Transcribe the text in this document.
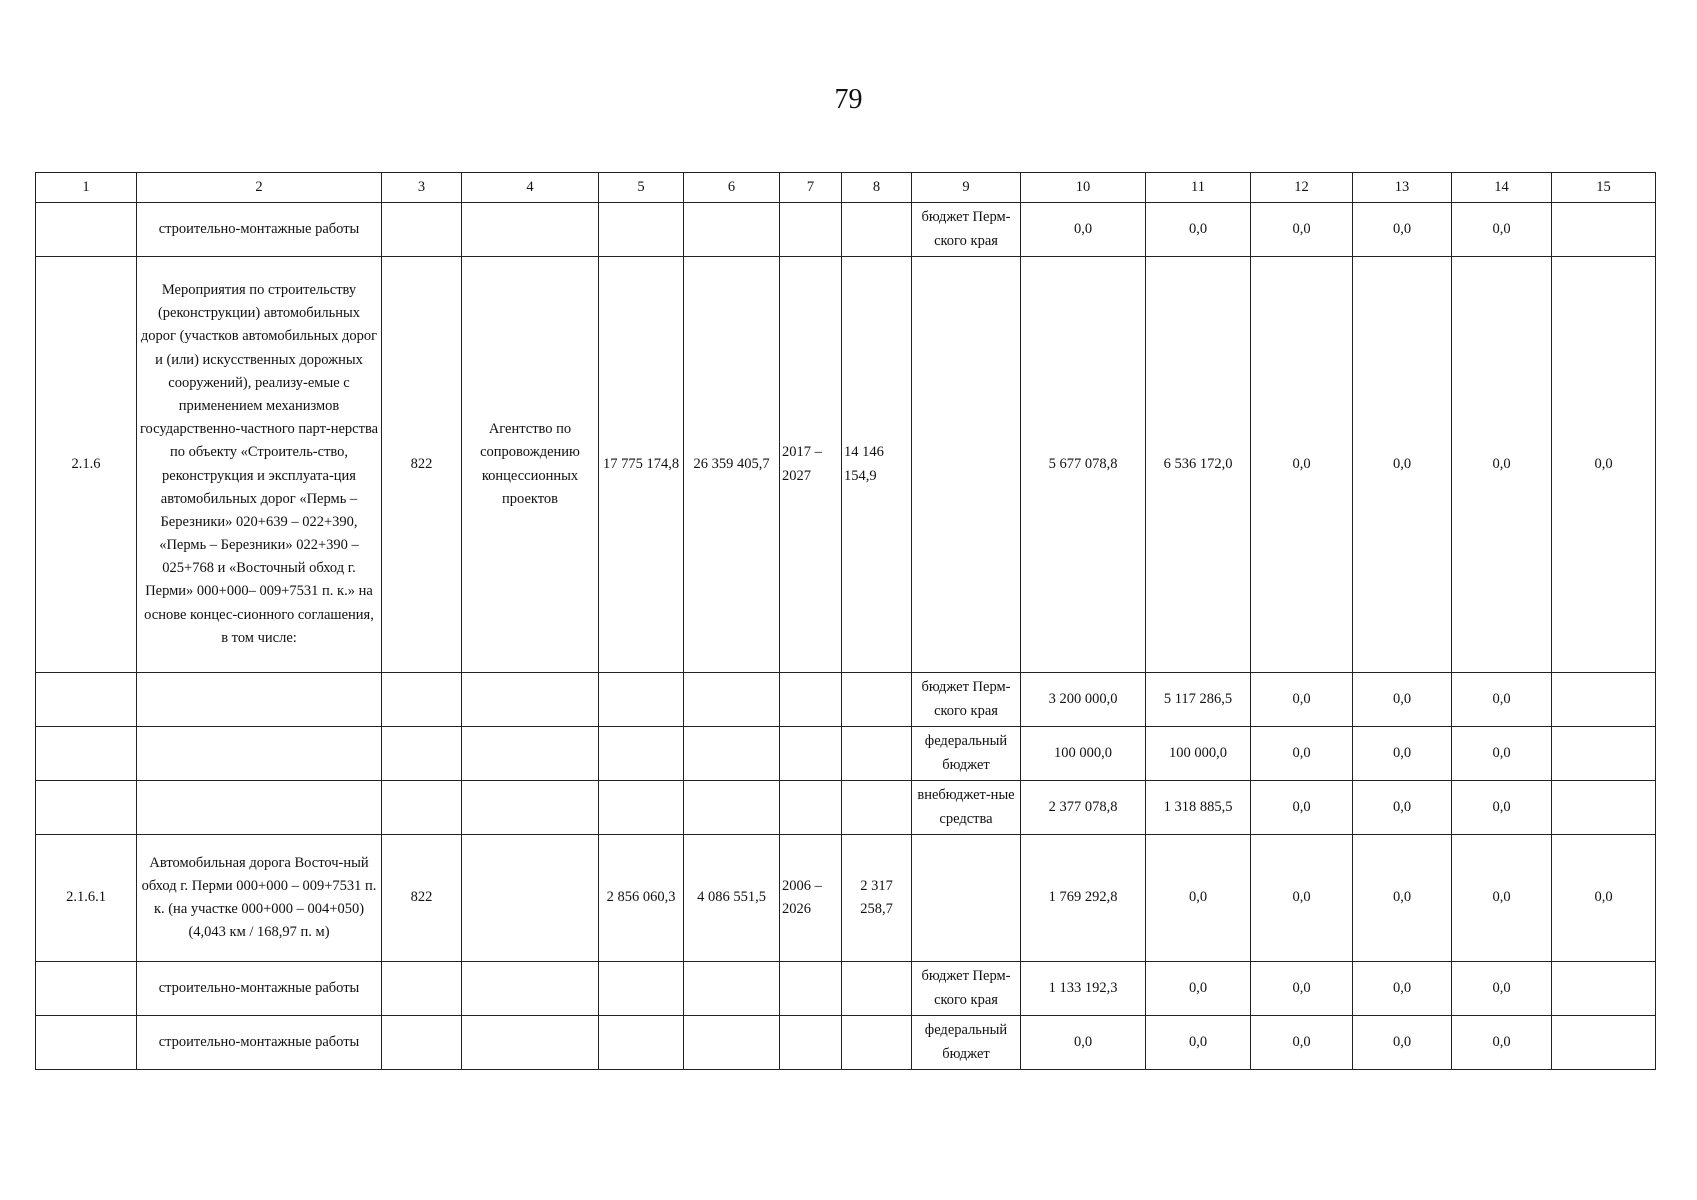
79
1	2	3	4	5	6	7	8	9	10	11	12	13	14	15
	строительно-монтажные работы							бюджет Перм-ского края	0,0	0,0	0,0	0,0	0,0	
2.1.6	Мероприятия по строительству (реконструкции) автомобильных дорог (участков автомобильных дорог и (или) искусственных дорожных сооружений), реализу-емые с применением механизмов государственно-частного парт-нерства по объекту «Строитель-ство, реконструкция и эксплуата-ция автомобильных дорог «Пермь – Березники» 020+639 – 022+390, «Пермь – Березники» 022+390 – 025+768 и «Восточный обход г. Перми» 000+000– 009+7531 п. к.» на основе концес-сионного соглашения, в том числе:	822	Агентство по сопровождению концессионных проектов	17 775 174,8	26 359 405,7	2017 – 2027	14 146 154,9		5 677 078,8	6 536 172,0	0,0	0,0	0,0	0,0
								бюджет Перм-ского края	3 200 000,0	5 117 286,5	0,0	0,0	0,0	
								федеральный бюджет	100 000,0	100 000,0	0,0	0,0	0,0	
								внебюджет-ные средства	2 377 078,8	1 318 885,5	0,0	0,0	0,0	
2.1.6.1	Автомобильная дорога Восточ-ный обход г. Перми 000+000 – 009+7531 п. к. (на участке 000+000 – 004+050) (4,043 км / 168,97 п. м)	822		2 856 060,3	4 086 551,5	2006 – 2026	2 317 258,7		1 769 292,8	0,0	0,0	0,0	0,0	0,0
	строительно-монтажные работы							бюджет Перм-ского края	1 133 192,3	0,0	0,0	0,0	0,0	
	строительно-монтажные работы							федеральный бюджет	0,0	0,0	0,0	0,0	0,0	
